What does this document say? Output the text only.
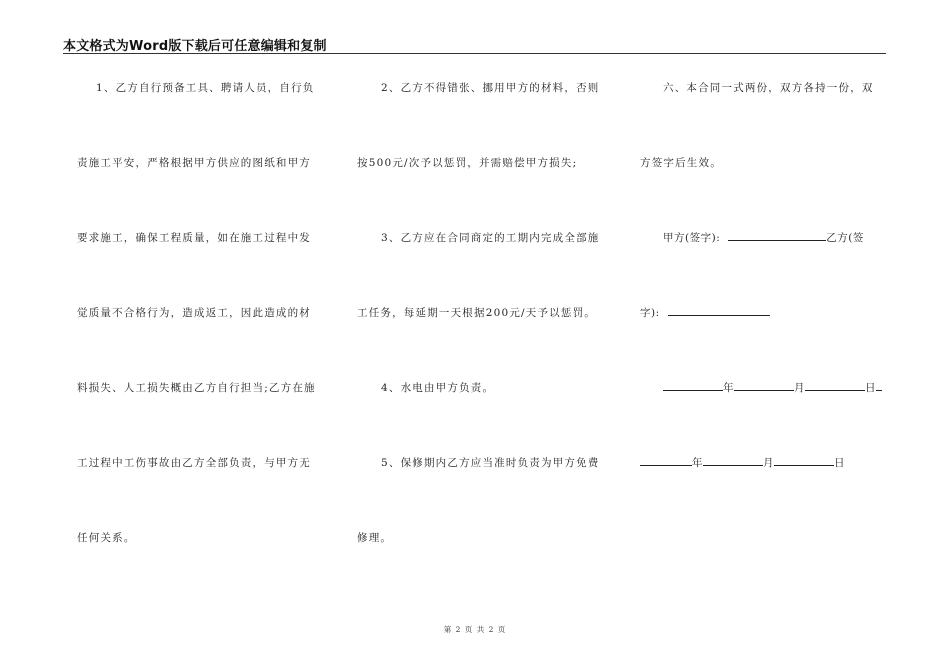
本文格式为Word版下载后可任意编辑和复制
1、乙方自行预备工具、聘请人员，自行负
责施工平安，严格根据甲方供应的图纸和甲方
要求施工，确保工程质量，如在施工过程中发
觉质量不合格行为，造成返工，因此造成的材
料损失、人工损失概由乙方自行担当;乙方在施
工过程中工伤事故由乙方全部负责，与甲方无
任何关系。
2、乙方不得错张、挪用甲方的材料，否则
按500元/次予以惩罚，并需赔偿甲方损失;
3、乙方应在合同商定的工期内完成全部施
工任务，每延期一天根据200元/天予以惩罚。
4、水电由甲方负责。
5、保修期内乙方应当准时负责为甲方免费
修理。
六、本合同一式两份，双方各持一份，双
方签字后生效。
甲方(签字):	乙方(签
字):
年	月	日
年	月	日
第 2 页 共 2 页
